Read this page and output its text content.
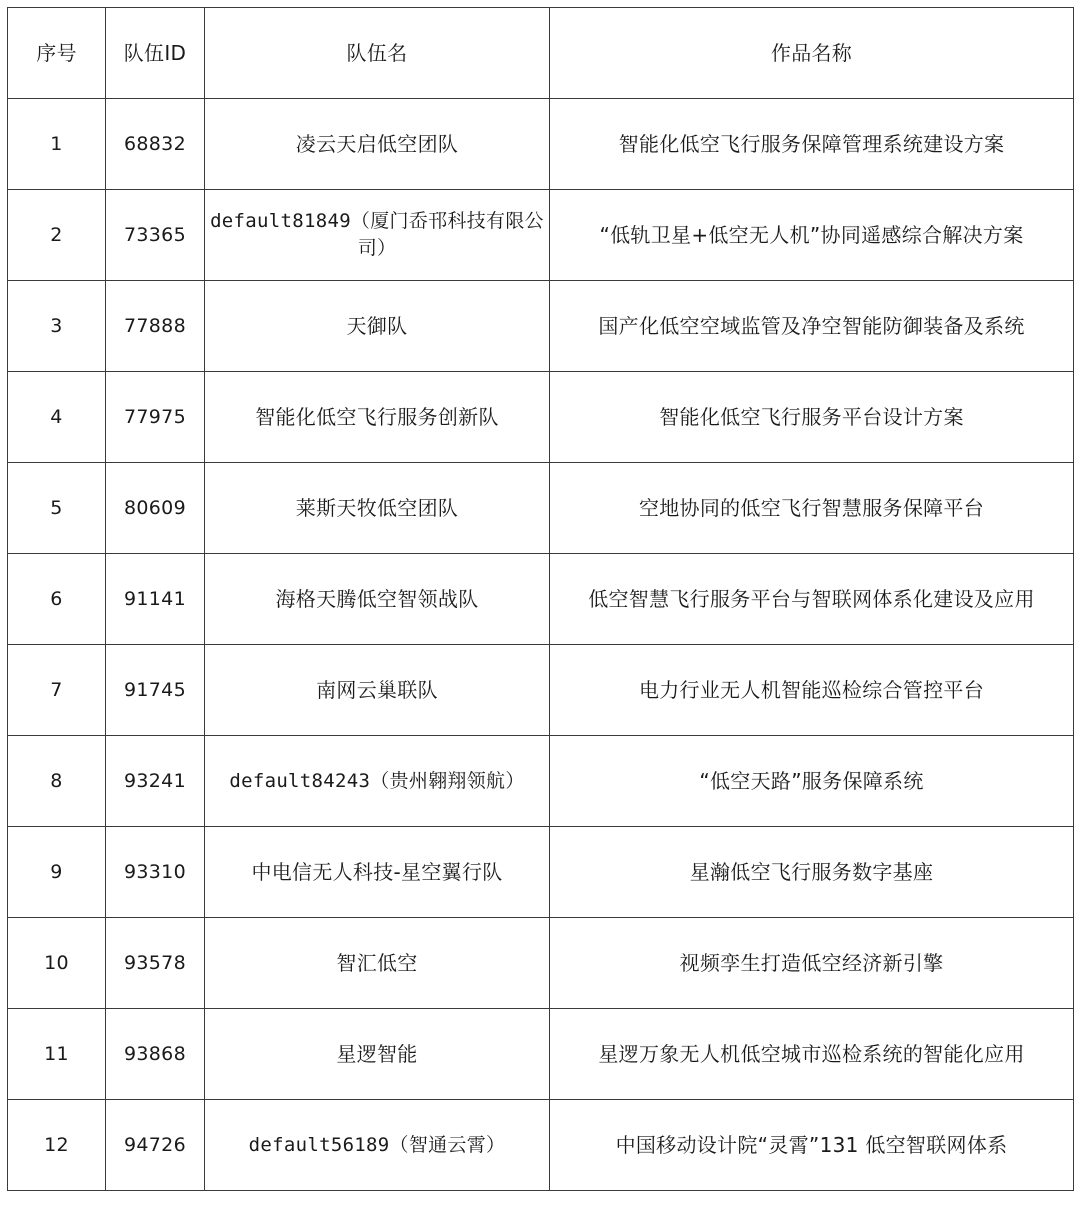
序号	队伍ID	队伍名	作品名称
1	68832	凌云天启低空团队	智能化低空飞行服务保障管理系统建设方案
2	73365	default81849（厦门岙邗科技有限公司）	“低轨卫星+低空无人机”协同遥感综合解决方案
3	77888	天御队	国产化低空空域监管及净空智能防御装备及系统
4	77975	智能化低空飞行服务创新队	智能化低空飞行服务平台设计方案
5	80609	莱斯天牧低空团队	空地协同的低空飞行智慧服务保障平台
6	91141	海格天腾低空智领战队	低空智慧飞行服务平台与智联网体系化建设及应用
7	91745	南网云巢联队	电力行业无人机智能巡检综合管控平台
8	93241	default84243（贵州翱翔领航）	“低空天路”服务保障系统
9	93310	中电信无人科技-星空翼行队	星瀚低空飞行服务数字基座
10	93578	智汇低空	视频孪生打造低空经济新引擎
11	93868	星逻智能	星逻万象无人机低空城市巡检系统的智能化应用
12	94726	default56189（智通云霄）	中国移动设计院“灵霄”131 低空智联网体系
